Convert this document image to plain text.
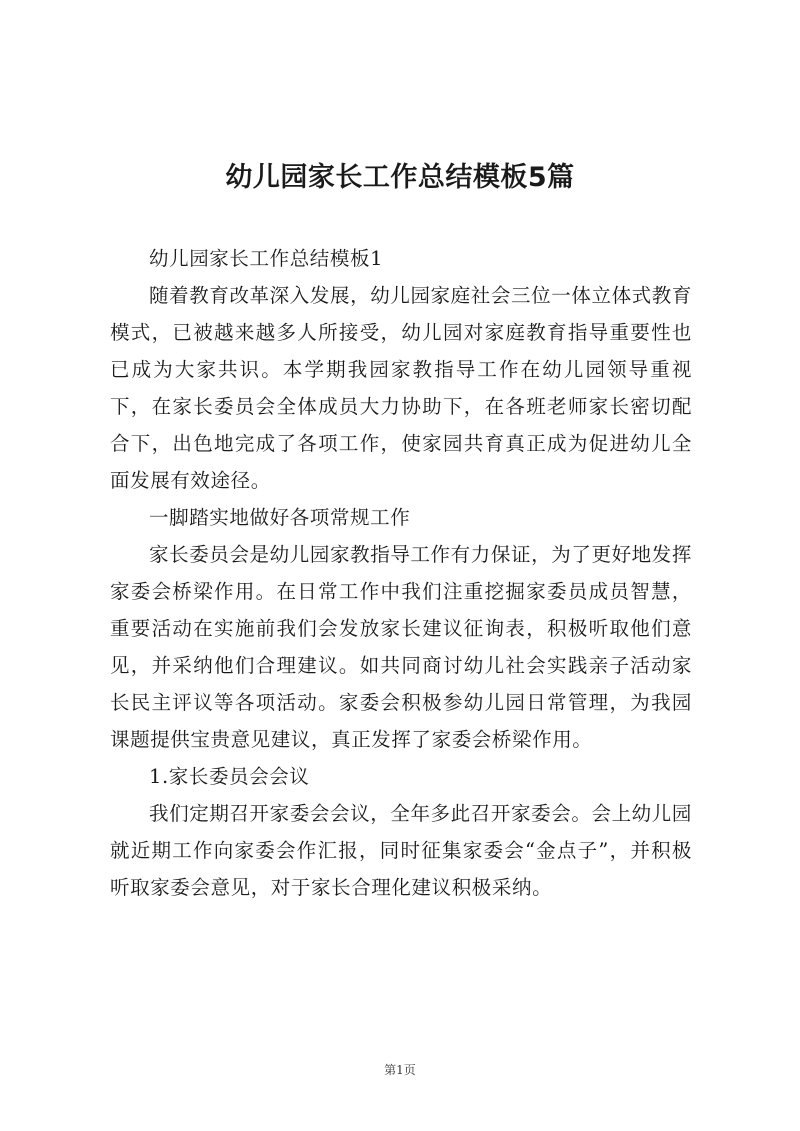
幼儿园家长工作总结模板5篇

幼儿园家长工作总结模板1

随着教育改革深入发展，幼儿园家庭社会三位一体立体式教育模式，已被越来越多人所接受，幼儿园对家庭教育指导重要性也已成为大家共识。本学期我园家教指导工作在幼儿园领导重视下，在家长委员会全体成员大力协助下，在各班老师家长密切配合下，出色地完成了各项工作，使家园共育真正成为促进幼儿全面发展有效途径。

一脚踏实地做好各项常规工作

家长委员会是幼儿园家教指导工作有力保证，为了更好地发挥家委会桥梁作用。在日常工作中我们注重挖掘家委员成员智慧，重要活动在实施前我们会发放家长建议征询表，积极听取他们意见，并采纳他们合理建议。如共同商讨幼儿社会实践亲子活动家长民主评议等各项活动。家委会积极参幼儿园日常管理，为我园课题提供宝贵意见建议，真正发挥了家委会桥梁作用。

1.家长委员会会议

我们定期召开家委会会议，全年多此召开家委会。会上幼儿园就近期工作向家委会作汇报，同时征集家委会“金点子”，并积极听取家委会意见，对于家长合理化建议积极采纳。

第1页
